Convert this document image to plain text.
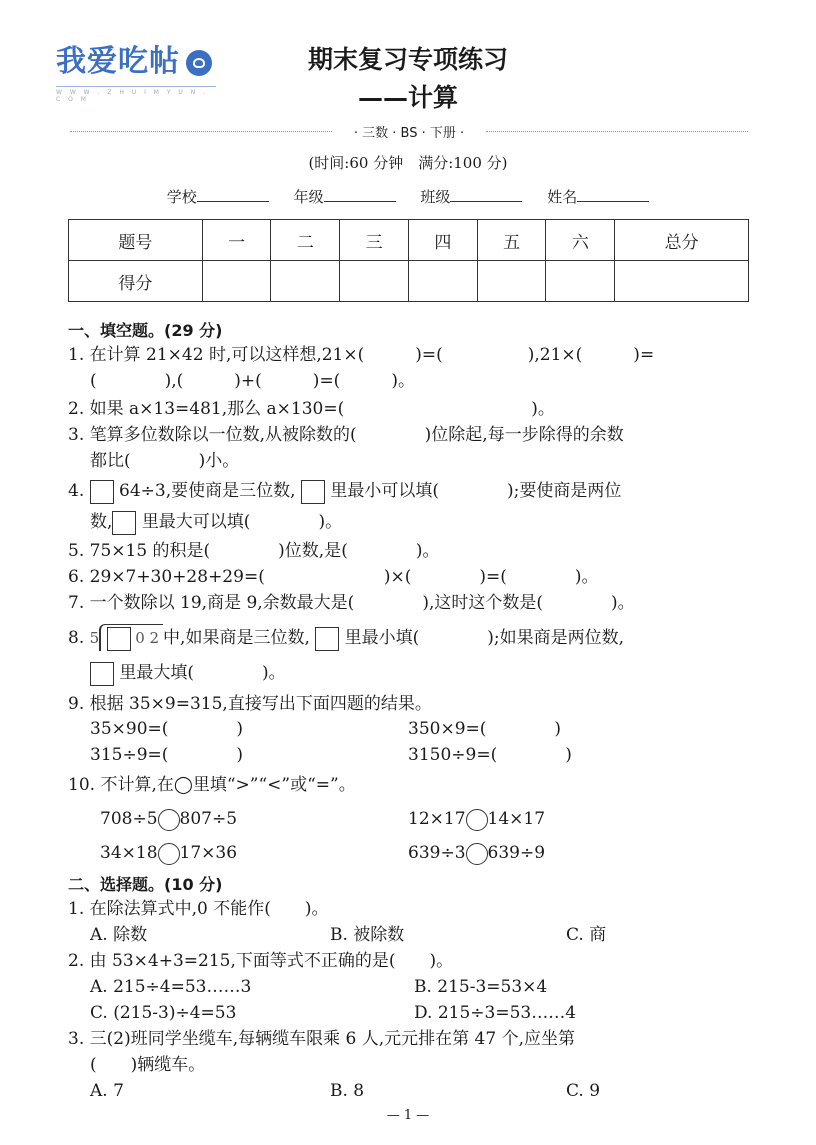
我爱吃帖
W W W . Z H U I M Y U N . C O M
期末复习专项练习
——计算
· 三数 · BS · 下册 ·
(时间:60 分钟　满分:100 分)
学校	年级	班级	姓名
题号	一	二	三	四	五	六	总分
得分							
一、填空题。(29 分)
1. 在计算 21×42 时,可以这样想,21×(　　　)=(　　　　　),21×(　　　)=
(　　　　),(　　　)+(　　　)=(　　　)。
2. 如果 a×13=481,那么 a×130=(　　　　　　　　　　　)。
3. 笔算多位数除以一位数,从被除数的(　　　　)位除起,每一步除得的余数
都比(　　　　)小。
4. 64÷3,要使商是三位数, 里最小可以填(　　　　);要使商是两位
数, 里最大可以填(　　　　)。
5. 75×15 的积是(　　　　)位数,是(　　　　)。
6. 29×7+30+28+29=(　　　　　　　)×(　　　　)=(　　　　)。
7. 一个数除以 19,商是 9,余数最大是(　　　　),这时这个数是(　　　　)。
8. 5 0 2 中,如果商是三位数, 里最小填(　　　　);如果商是两位数,
里最大填(　　　　)。
9. 根据 35×9=315,直接写出下面四题的结果。
35×90=(　　　　)	350×9=(　　　　)
315÷9=(　　　　)	3150÷9=(　　　　)
10. 不计算,在◯里填“>”“<”或“=”。
708÷5 807÷5	12×17 14×17
34×18 17×36	639÷3 639÷9
二、选择题。(10 分)
1. 在除法算式中,0 不能作(　　)。
A. 除数	B. 被除数	C. 商
2. 由 53×4+3=215,下面等式不正确的是(　　)。
A. 215÷4=53……3	B. 215-3=53×4
C. (215-3)÷4=53	D. 215÷3=53……4
3. 三(2)班同学坐缆车,每辆缆车限乘 6 人,元元排在第 47 个,应坐第
(　　)辆缆车。
A. 7	B. 8	C. 9
— 1 —
